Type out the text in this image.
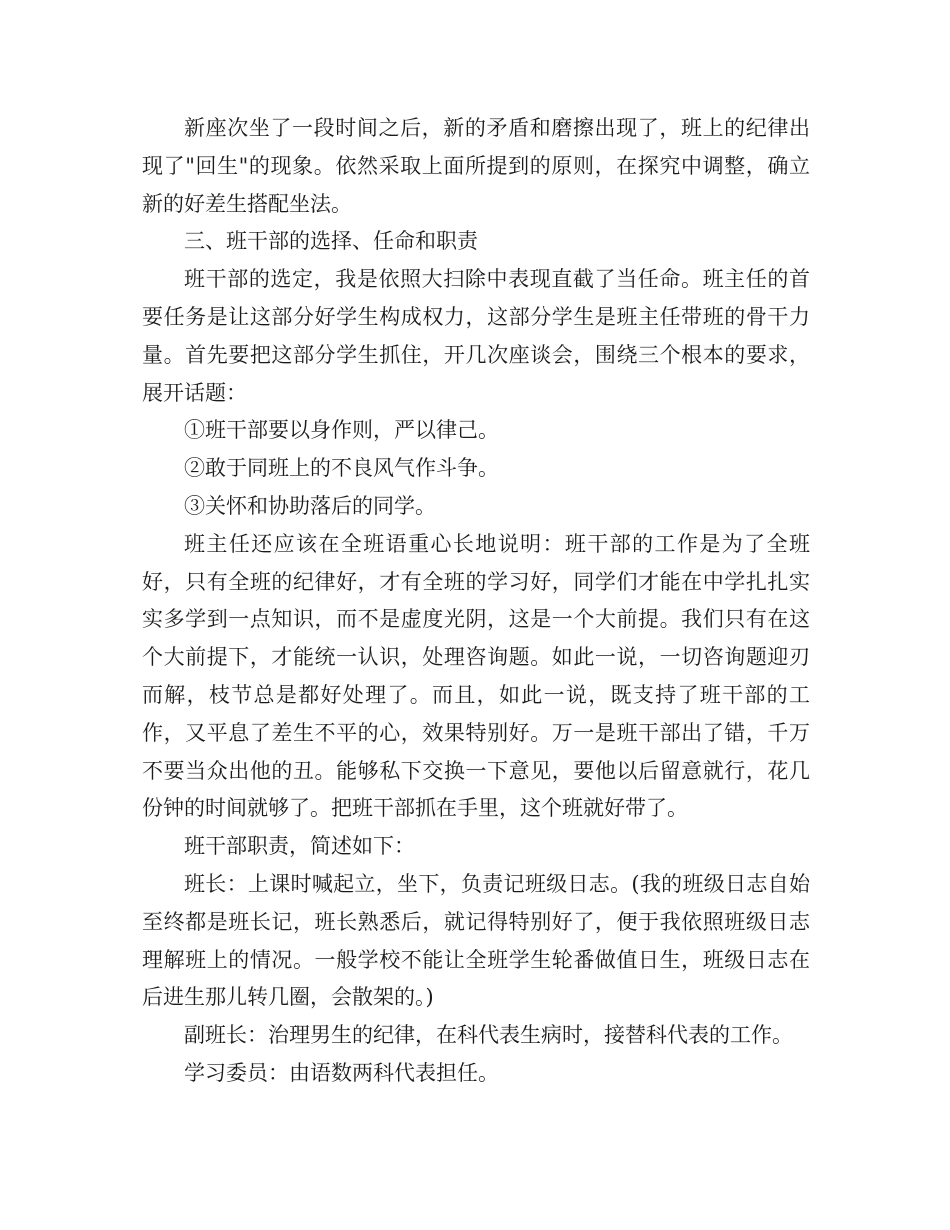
新座次坐了一段时间之后，新的矛盾和磨擦出现了，班上的纪律出现了"回生"的现象。依然采取上面所提到的原则，在探究中调整，确立新的好差生搭配坐法。

三、班干部的选择、任命和职责

班干部的选定，我是依照大扫除中表现直截了当任命。班主任的首要任务是让这部分好学生构成权力，这部分学生是班主任带班的骨干力量。首先要把这部分学生抓住，开几次座谈会，围绕三个根本的要求，展开话题：

①班干部要以身作则，严以律己。

②敢于同班上的不良风气作斗争。

③关怀和协助落后的同学。

班主任还应该在全班语重心长地说明：班干部的工作是为了全班好，只有全班的纪律好，才有全班的学习好，同学们才能在中学扎扎实实多学到一点知识，而不是虚度光阴，这是一个大前提。我们只有在这个大前提下，才能统一认识，处理咨询题。如此一说，一切咨询题迎刃而解，枝节总是都好处理了。而且，如此一说，既支持了班干部的工作，又平息了差生不平的心，效果特别好。万一是班干部出了错，千万不要当众出他的丑。能够私下交换一下意见，要他以后留意就行，花几份钟的时间就够了。把班干部抓在手里，这个班就好带了。

班干部职责，简述如下：

班长：上课时喊起立，坐下，负责记班级日志。(我的班级日志自始至终都是班长记，班长熟悉后，就记得特别好了，便于我依照班级日志理解班上的情况。一般学校不能让全班学生轮番做值日生，班级日志在后进生那儿转几圈，会散架的。)

副班长：治理男生的纪律，在科代表生病时，接替科代表的工作。

学习委员：由语数两科代表担任。
